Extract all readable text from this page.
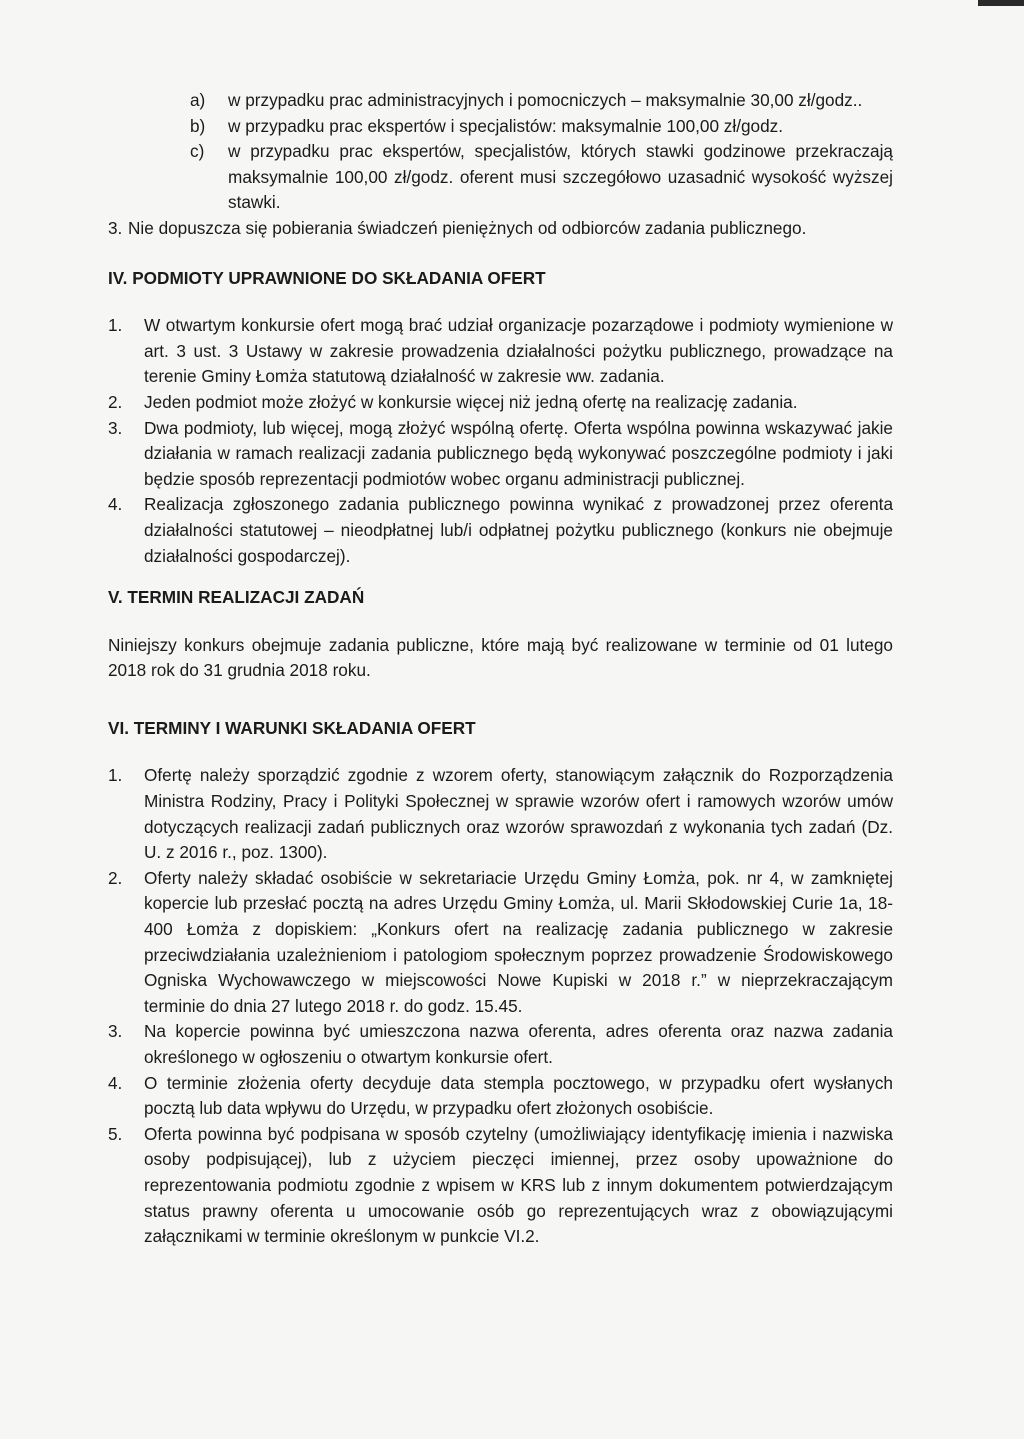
a) w przypadku prac administracyjnych i pomocniczych – maksymalnie 30,00 zł/godz..
b) w przypadku prac ekspertów i specjalistów: maksymalnie 100,00 zł/godz.
c) w przypadku prac ekspertów, specjalistów, których stawki godzinowe przekraczają maksymalnie 100,00 zł/godz. oferent musi szczegółowo uzasadnić wysokość wyższej stawki.
3. Nie dopuszcza się pobierania świadczeń pieniężnych od odbiorców zadania publicznego.

IV. PODMIOTY UPRAWNIONE DO SKŁADANIA OFERT

1. W otwartym konkursie ofert mogą brać udział organizacje pozarządowe i podmioty wymienione w art. 3 ust. 3 Ustawy w zakresie prowadzenia działalności pożytku publicznego, prowadzące na terenie Gminy Łomża statutową działalność w zakresie ww. zadania.
2. Jeden podmiot może złożyć w konkursie więcej niż jedną ofertę na realizację zadania.
3. Dwa podmioty, lub więcej, mogą złożyć wspólną ofertę. Oferta wspólna powinna wskazywać jakie działania w ramach realizacji zadania publicznego będą wykonywać poszczególne podmioty i jaki będzie sposób reprezentacji podmiotów wobec organu administracji publicznej.
4. Realizacja zgłoszonego zadania publicznego powinna wynikać z prowadzonej przez oferenta działalności statutowej – nieodpłatnej lub/i odpłatnej pożytku publicznego (konkurs nie obejmuje działalności gospodarczej).

V. TERMIN REALIZACJI ZADAŃ

Niniejszy konkurs obejmuje zadania publiczne, które mają być realizowane w terminie od 01 lutego 2018 rok do 31 grudnia 2018 roku.

VI. TERMINY I WARUNKI SKŁADANIA OFERT

1. Ofertę należy sporządzić zgodnie z wzorem oferty, stanowiącym załącznik do Rozporządzenia Ministra Rodziny, Pracy i Polityki Społecznej w sprawie wzorów ofert i ramowych wzorów umów dotyczących realizacji zadań publicznych oraz wzorów sprawozdań z wykonania tych zadań (Dz. U. z 2016 r., poz. 1300).
2. Oferty należy składać osobiście w sekretariacie Urzędu Gminy Łomża, pok. nr 4, w zamkniętej kopercie lub przesłać pocztą na adres Urzędu Gminy Łomża, ul. Marii Skłodowskiej Curie 1a, 18-400 Łomża z dopiskiem: „Konkurs ofert na realizację zadania publicznego w zakresie przeciwdziałania uzależnieniom i patologiom społecznym poprzez prowadzenie Środowiskowego Ogniska Wychowawczego w miejscowości Nowe Kupiski w 2018 r.” w nieprzekraczającym terminie do dnia 27 lutego 2018 r. do godz. 15.45.
3. Na kopercie powinna być umieszczona nazwa oferenta, adres oferenta oraz nazwa zadania określonego w ogłoszeniu o otwartym konkursie ofert.
4. O terminie złożenia oferty decyduje data stempla pocztowego, w przypadku ofert wysłanych pocztą lub data wpływu do Urzędu, w przypadku ofert złożonych osobiście.
5. Oferta powinna być podpisana w sposób czytelny (umożliwiający identyfikację imienia i nazwiska osoby podpisującej), lub z użyciem pieczęci imiennej, przez osoby upoważnione do reprezentowania podmiotu zgodnie z wpisem w KRS lub z innym dokumentem potwierdzającym status prawny oferenta u umocowanie osób go reprezentujących wraz z obowiązującymi załącznikami w terminie określonym w punkcie VI.2.
